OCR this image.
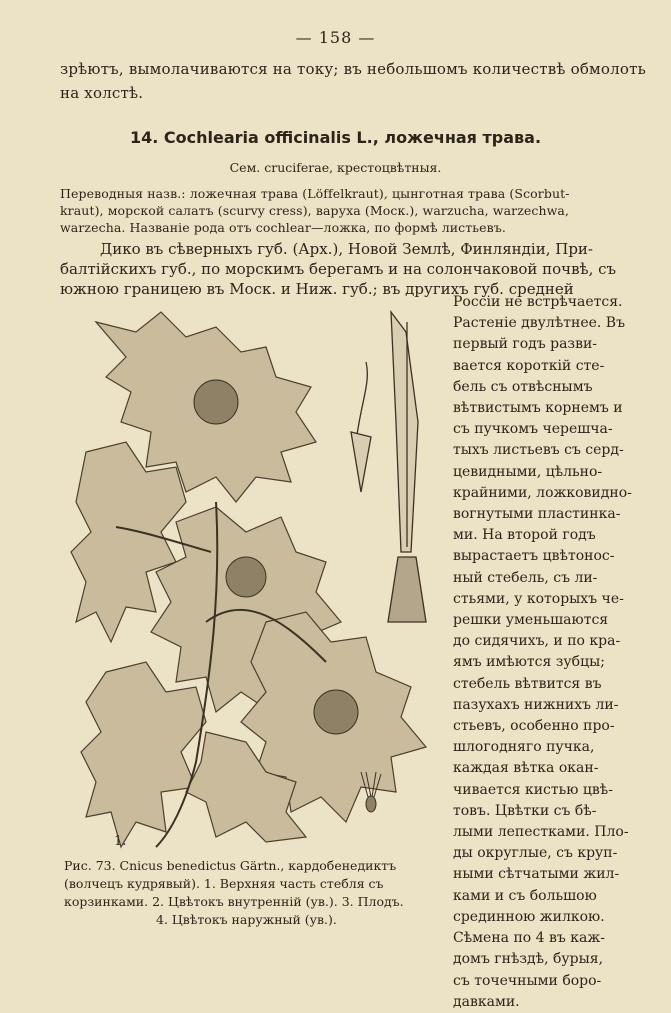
— 158 —
зрѣютъ, вымолачиваются на току; въ небольшомъ количествѣ обмолоть
на холстѣ.
14. Cochlearia officinalis L., ложечная трава.
Сем. cruciferae, крестоцвѣтныя.
Переводныя назв.: ложечная трава (Löffelkraut), цынготная трава (Scorbut-
kraut), морской салатъ (scurvy cress), варуха (Моск.), warzucha, warzechwa,
warzecha. Названіе рода отъ cochlear—ложка, по формѣ листьевъ.
Дико въ сѣверныхъ губ. (Арх.), Новой Землѣ, Финляндіи, При-
балтійскихъ губ., по морскимъ берегамъ и на солончаковой почвѣ, съ
южною границею въ Моск. и Ниж. губ.; въ другихъ губ. средней
1.
Россіи не встрѣчается.
Растеніе двулѣтнее. Въ
первый годъ разви-
вается короткій сте-
бель съ отвѣснымъ
вѣтвистымъ корнемъ и
съ пучкомъ черешча-
тыхъ листьевъ съ серд-
цевидными, цѣльно-
крайними, ложковидно-
вогнутыми пластинка-
ми. На второй годъ
вырастаетъ цвѣтонос-
ный стебель, съ ли-
стьями, у которыхъ че-
решки уменьшаются
до сидячихъ, и по кра-
ямъ имѣются зубцы;
стебель вѣтвится въ
пазухахъ нижнихъ ли-
стьевъ, особенно про-
шлогодняго пучка,
каждая вѣтка окан-
чивается кистью цвѣ-
товъ. Цвѣтки съ бѣ-
лыми лепестками. Пло-
ды округлые, съ круп-
ными сѣтчатыми жил-
ками и съ большою
срединною жилкою.
Сѣмена по 4 въ каж-
домъ гнѣздѣ, бурыя,
съ точечными боро-
давками.
Рис. 73. Cnicus benedictus Gärtn., кардобенедиктъ
(волчецъ кудрявый). 1. Верхняя часть стебля съ
корзинками. 2. Цвѣтокъ внутренній (ув.). 3. Плодъ.
4. Цвѣтокъ наружный (ув.).
